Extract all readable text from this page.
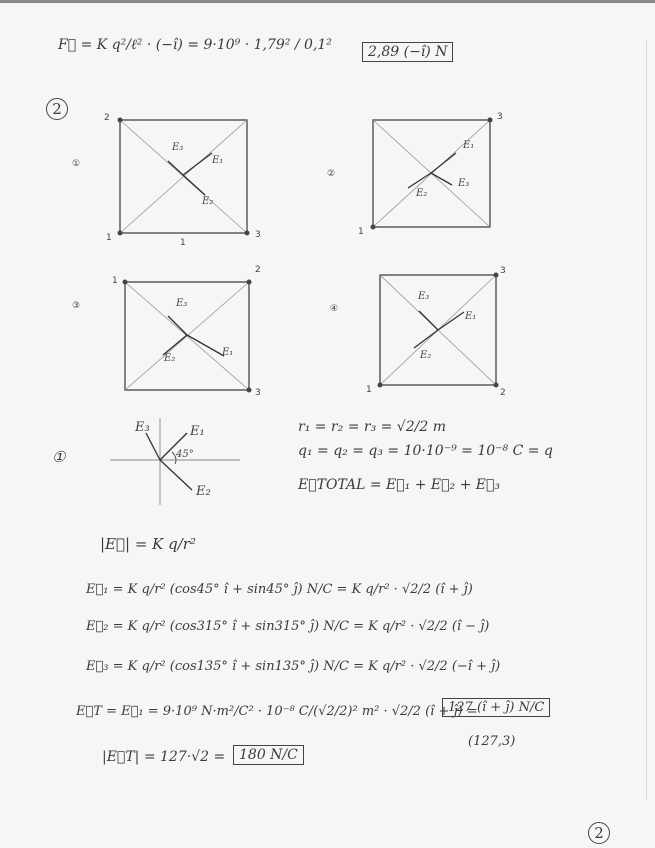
F⃗ = K q²/ℓ² · (−î) = 9·10⁹ · 1,79² / 0,1²	2,89 (−î) N
2
①
2
1	3
1
E₃
E₁
E₂
②
3
1
E₁
E₃
E₂
③
1
2
3
E₃
E₁
E₂
④
3
1	2
E₃
E₁
E₂
①
E₃	E₁
E₂
45°
r₁ = r₂ = r₃ = √2/2 m
q₁ = q₂ = q₃ = 10·10⁻⁹ = 10⁻⁸ C = q
E⃗TOTAL = E⃗₁ + E⃗₂ + E⃗₃
|E⃗| = K q/r²
E⃗₁ = K q/r² (cos45° î + sin45° ĵ) N/C = K q/r² · √2/2 (î + ĵ)
E⃗₂ = K q/r² (cos315° î + sin315° ĵ) N/C = K q/r² · √2/2 (î − ĵ)
E⃗₃ = K q/r² (cos135° î + sin135° ĵ) N/C = K q/r² · √2/2 (−î + ĵ)
E⃗T = E⃗₁ = 9·10⁹ N·m²/C² · 10⁻⁸ C/(√2/2)² m² · √2/2 (î + ĵ) =
127 (î + ĵ) N/C
(127,3)
|E⃗T| = 127·√2 = 180 N/C
2
